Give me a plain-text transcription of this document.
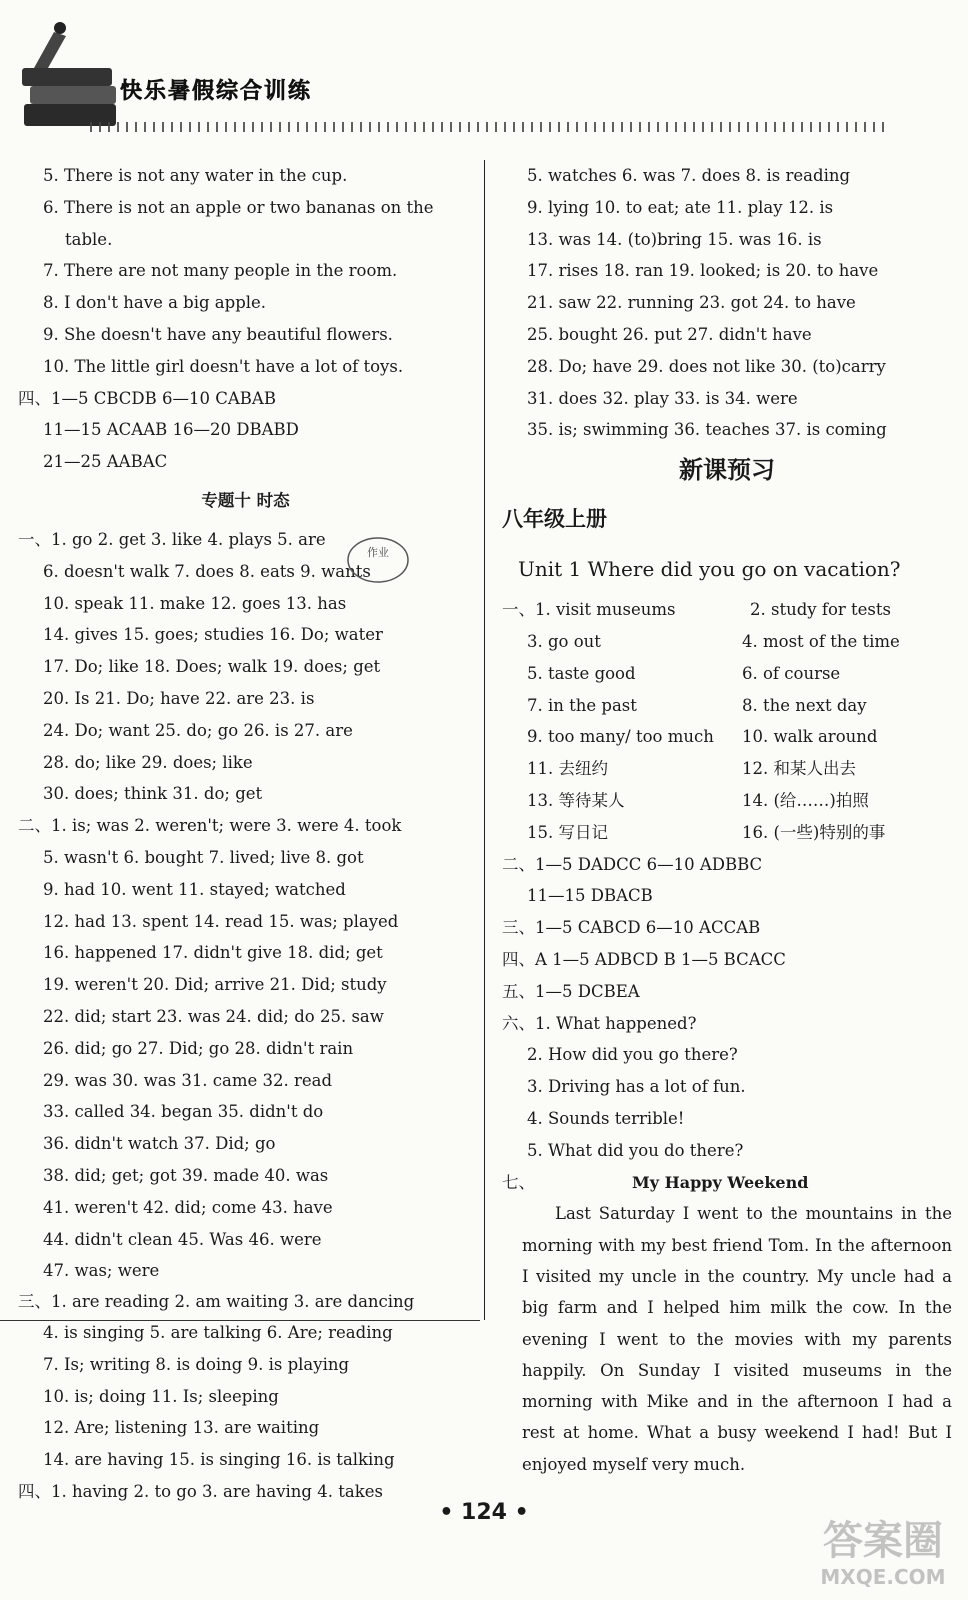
快乐暑假综合训练
5. There is not any water in the cup.
6. There is not an apple or two bananas on the
table.
7. There are not many people in the room.
8. I don't have a big apple.
9. She doesn't have any beautiful flowers.
10. The little girl doesn't have a lot of toys.
四、1—5 CBCDB 6—10 CABAB
11—15 ACAAB 16—20 DBABD
21—25 AABAC
专题十 时态
一、1. go 2. get 3. like 4. plays 5. are
6. doesn't walk 7. does 8. eats 9. wants
10. speak 11. make 12. goes 13. has
14. gives 15. goes; studies 16. Do; water
17. Do; like 18. Does; walk 19. does; get
20. Is 21. Do; have 22. are 23. is
24. Do; want 25. do; go 26. is 27. are
28. do; like 29. does; like
30. does; think 31. do; get
二、1. is; was 2. weren't; were 3. were 4. took
5. wasn't 6. bought 7. lived; live 8. got
9. had 10. went 11. stayed; watched
12. had 13. spent 14. read 15. was; played
16. happened 17. didn't give 18. did; get
19. weren't 20. Did; arrive 21. Did; study
22. did; start 23. was 24. did; do 25. saw
26. did; go 27. Did; go 28. didn't rain
29. was 30. was 31. came 32. read
33. called 34. began 35. didn't do
36. didn't watch 37. Did; go
38. did; get; got 39. made 40. was
41. weren't 42. did; come 43. have
44. didn't clean 45. Was 46. were
47. was; were
三、1. are reading 2. am waiting 3. are dancing
4. is singing 5. are talking 6. Are; reading
7. Is; writing 8. is doing 9. is playing
10. is; doing 11. Is; sleeping
12. Are; listening 13. are waiting
14. are having 15. is singing 16. is talking
四、1. having 2. to go 3. are having 4. takes
作业
5. watches 6. was 7. does 8. is reading
9. lying 10. to eat; ate 11. play 12. is
13. was 14. (to)bring 15. was 16. is
17. rises 18. ran 19. looked; is 20. to have
21. saw 22. running 23. got 24. to have
25. bought 26. put 27. didn't have
28. Do; have 29. does not like 30. (to)carry
31. does 32. play 33. is 34. were
35. is; swimming 36. teaches 37. is coming
新课预习
八年级上册
Unit 1 Where did you go on vacation?
一、 1. visit museums	2. study for tests
3. go out	4. most of the time
5. taste good	6. of course
7. in the past	8. the next day
9. too many/ too much	10. walk around
11. 去纽约	12. 和某人出去
13. 等待某人	14. (给……)拍照
15. 写日记	16. (一些)特别的事
二、1—5 DADCC 6—10 ADBBC
11—15 DBACB
三、1—5 CABCD 6—10 ACCAB
四、A 1—5 ADBCD B 1—5 BCACC
五、1—5 DCBEA
六、1. What happened?
2. How did you go there?
3. Driving has a lot of fun.
4. Sounds terrible!
5. What did you do there?
七、	My Happy Weekend
Last Saturday I went to the mountains in the morning with my best friend Tom. In the afternoon I visited my uncle in the country. My uncle had a big farm and I helped him milk the cow. In the evening I went to the movies with my parents happily. On Sunday I visited museums in the morning with Mike and in the afternoon I had a rest at home. What a busy weekend I had! But I enjoyed myself very much.
• 124 •
答案圈
MXQE.COM
